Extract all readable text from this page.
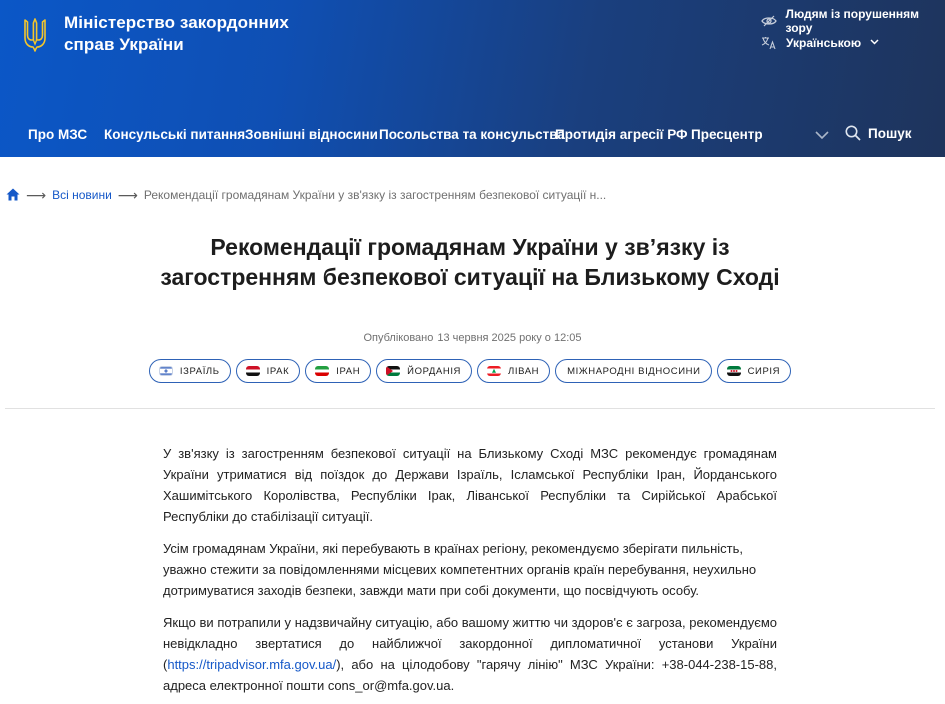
Міністерство закордонних справ України
Людям із порушенням зору
Українською
Про МЗС Консульські питання Зовнішні відносини Посольства та консульства
Протидія агресії РФ Пресцентр	Пошук
⟶ Всі новини ⟶ Рекомендації громадянам України у зв'язку із загостренням безпекової ситуації н...
Рекомендації громадянам України у зв’язку із загостренням безпекової ситуації на Близькому Сході
Опубліковано 13 червня 2025 року о 12:05
ІЗРАЇЛЬ	ІРАК	ІРАН	ЙОРДАНІЯ	ЛІВАН	МІЖНАРОДНІ ВІДНОСИНИ	СИРІЯ

У зв'язку із загостренням безпекової ситуації на Близькому Сході МЗС рекомендує громадянам України утриматися від поїздок до Держави Ізраїль, Ісламської Республіки Іран, Йорданського Хашимітського Королівства, Республіки Ірак, Ліванської Республіки та Сирійської Арабської Республіки до стабілізації ситуації.

Усім громадянам України, які перебувають в країнах регіону, рекомендуємо зберігати пильність, уважно стежити за повідомленнями місцевих компетентних органів країн перебування, неухильно дотримуватися заходів безпеки, завжди мати при собі документи, що посвідчують особу.

Якщо ви потрапили у надзвичайну ситуацію, або вашому життю чи здоров'є є загроза, рекомендуємо невідкладно звертатися до найближчої закордонної дипломатичної установи України (https://tripadvisor.mfa.gov.ua/), або на цілодобову "гарячу лінію" МЗС України: +38-044-238-15-88, адреса електронної пошти cons_or@mfa.gov.ua.
